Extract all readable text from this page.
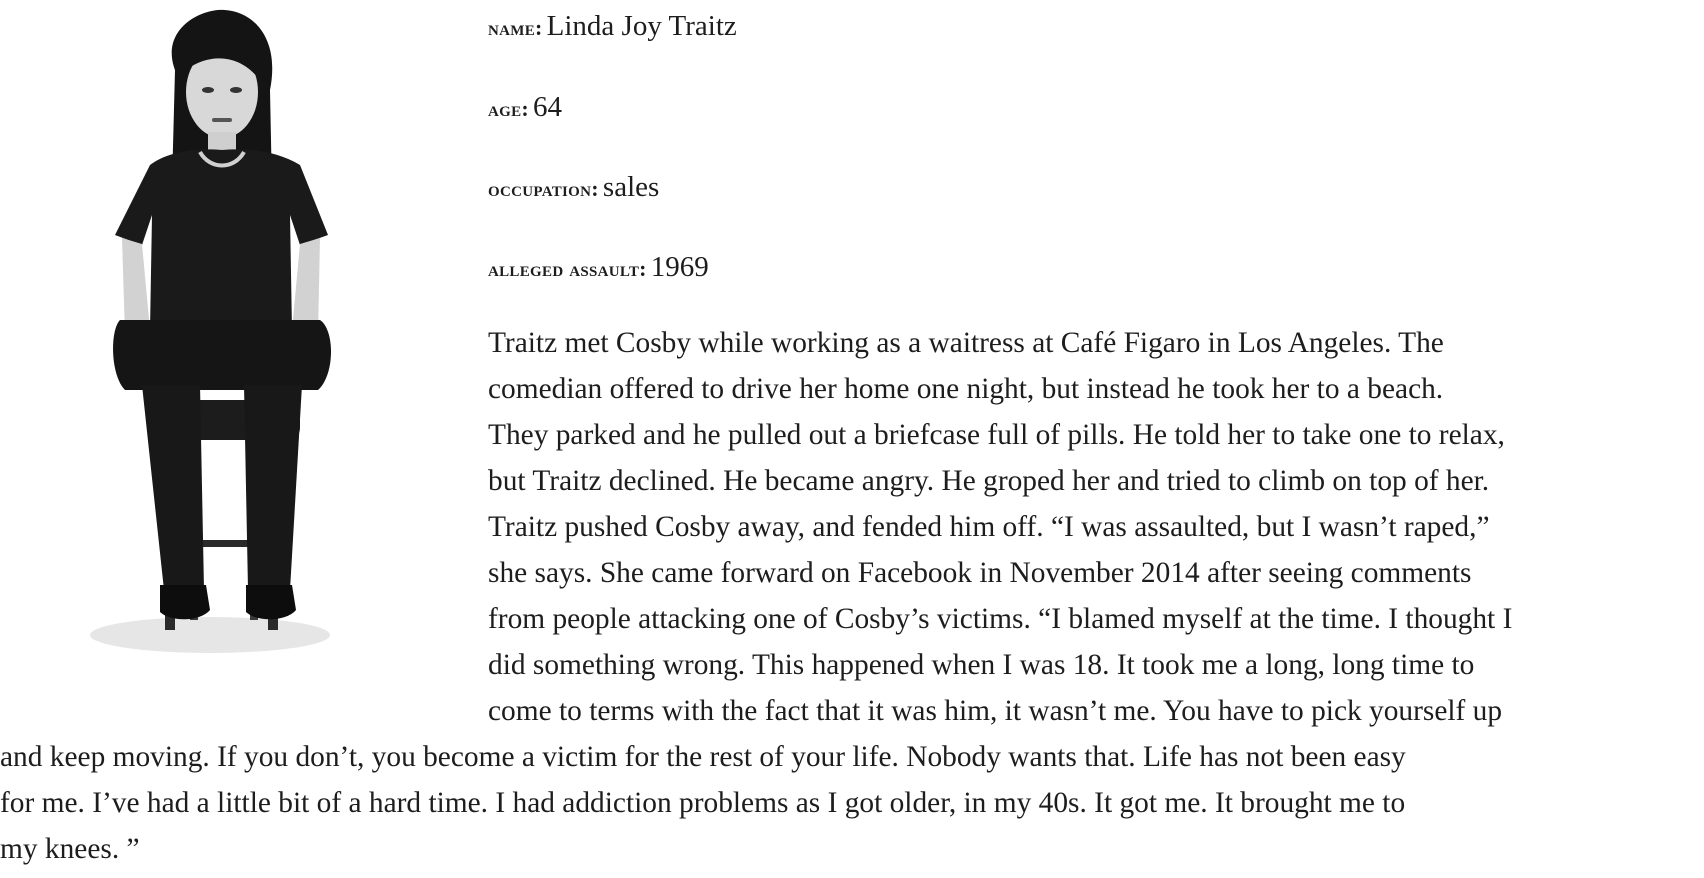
name: Linda Joy Traitz
age: 64
occupation: sales
alleged assault: 1969
Traitz met Cosby while working as a waitress at Café Figaro in Los Angeles. The
comedian offered to drive her home one night, but instead he took her to a beach.
They parked and he pulled out a briefcase full of pills. He told her to take one to relax,
but Traitz declined. He became angry. He groped her and tried to climb on top of her.
Traitz pushed Cosby away, and fended him off. “I was assaulted, but I wasn’t raped,”
she says. She came forward on Facebook in November 2014 after seeing comments
from people attacking one of Cosby’s victims. “I blamed myself at the time. I thought I
did something wrong. This happened when I was 18. It took me a long, long time to
come to terms with the fact that it was him, it wasn’t me. You have to pick yourself up
and keep moving. If you don’t, you become a victim for the rest of your life. Nobody wants that. Life has not been easy
for me. I’ve had a little bit of a hard time. I had addiction problems as I got older, in my 40s. It got me. It brought me to
my knees. ”
